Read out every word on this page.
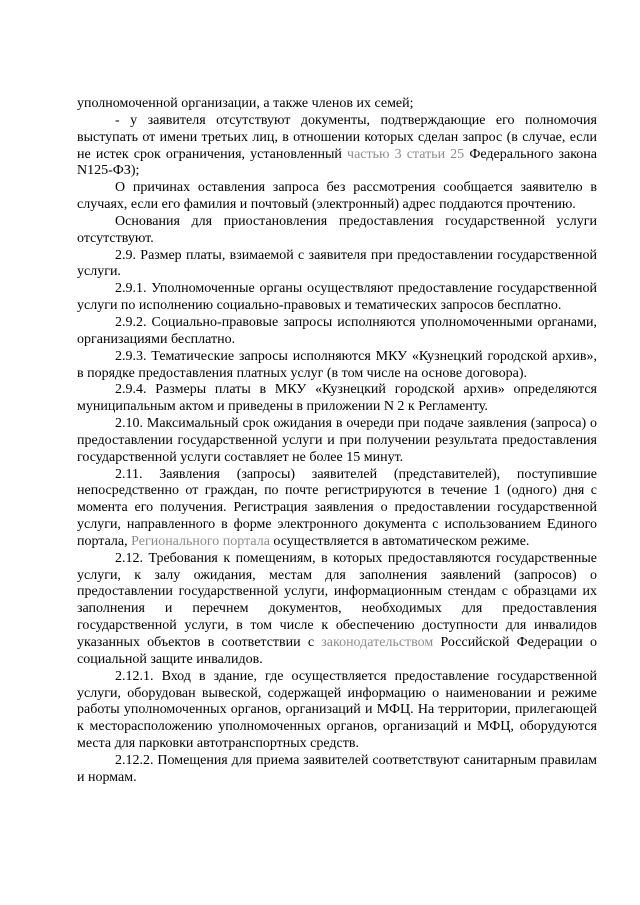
уполномоченной организации, а также членов их семей;

- у заявителя отсутствуют документы, подтверждающие его полномочия выступать от имени третьих лиц, в отношении которых сделан запрос (в случае, если не истек срок ограничения, установленный частью 3 статьи 25 Федерального закона N125-ФЗ);

О причинах оставления запроса без рассмотрения сообщается заявителю в случаях, если его фамилия и почтовый (электронный) адрес поддаются прочтению.

Основания для приостановления предоставления государственной услуги отсутствуют.

2.9. Размер платы, взимаемой с заявителя при предоставлении государственной услуги.

2.9.1. Уполномоченные органы осуществляют предоставление государственной услуги по исполнению социально-правовых и тематических запросов бесплатно.

2.9.2. Социально-правовые запросы исполняются уполномоченными органами, организациями бесплатно.

2.9.3. Тематические запросы исполняются МКУ «Кузнецкий городской архив», в порядке предоставления платных услуг (в том числе на основе договора).

2.9.4. Размеры платы в МКУ «Кузнецкий городской архив» определяются муниципальным актом и приведены в приложении N 2 к Регламенту.

2.10. Максимальный срок ожидания в очереди при подаче заявления (запроса) о предоставлении государственной услуги и при получении результата предоставления государственной услуги составляет не более 15 минут.

2.11. Заявления (запросы) заявителей (представителей), поступившие непосредственно от граждан, по почте регистрируются в течение 1 (одного) дня с момента его получения. Регистрация заявления о предоставлении государственной услуги, направленного в форме электронного документа с использованием Единого портала, Регионального портала осуществляется в автоматическом режиме.

2.12. Требования к помещениям, в которых предоставляются государственные услуги, к залу ожидания, местам для заполнения заявлений (запросов) о предоставлении государственной услуги, информационным стендам с образцами их заполнения и перечнем документов, необходимых для предоставления государственной услуги, в том числе к обеспечению доступности для инвалидов указанных объектов в соответствии с законодательством Российской Федерации о социальной защите инвалидов.

2.12.1. Вход в здание, где осуществляется предоставление государственной услуги, оборудован вывеской, содержащей информацию о наименовании и режиме работы уполномоченных органов, организаций и МФЦ. На территории, прилегающей к месторасположению уполномоченных органов, организаций и МФЦ, оборудуются места для парковки автотранспортных средств.

2.12.2. Помещения для приема заявителей соответствуют санитарным правилам и нормам.
